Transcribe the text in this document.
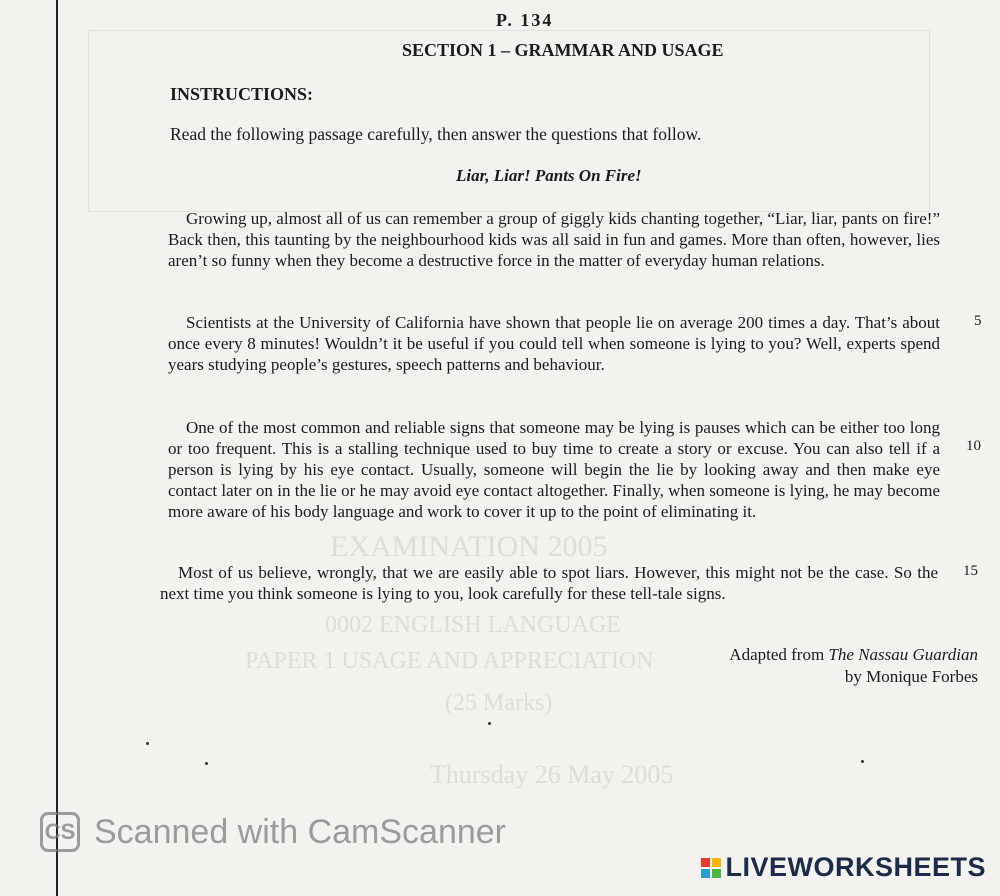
EXAMINATION 2005
0002 ENGLISH LANGUAGE
PAPER 1 USAGE AND APPRECIATION
(25 Marks)
Thursday 26 May 2005
P. 134
SECTION 1 – GRAMMAR AND USAGE
INSTRUCTIONS:
Read the following passage carefully, then answer the questions that follow.
Liar, Liar! Pants On Fire!

Growing up, almost all of us can remember a group of giggly kids chanting together, “Liar, liar, pants on fire!” Back then, this taunting by the neighbourhood kids was all said in fun and games. More than often, however, lies aren’t so funny when they become a destructive force in the matter of everyday human relations.

Scientists at the University of California have shown that people lie on average 200 times a day. That’s about once every 8 minutes! Wouldn’t it be useful if you could tell when someone is lying to you? Well, experts spend years studying people’s gestures, speech patterns and behaviour.

One of the most common and reliable signs that someone may be lying is pauses which can be either too long or too frequent. This is a stalling technique used to buy time to create a story or excuse. You can also tell if a person is lying by his eye contact. Usually, someone will begin the lie by looking away and then make eye contact later on in the lie or he may avoid eye contact altogether. Finally, when someone is lying, he may become more aware of his body language and work to cover it up to the point of eliminating it.

Most of us believe, wrongly, that we are easily able to spot liars. However, this might not be the case. So the next time you think someone is lying to you, look carefully for these tell-tale signs.

5
10
15
Adapted from The Nassau Guardian
by Monique Forbes
CS Scanned with CamScanner
LIVEWORKSHEETS
